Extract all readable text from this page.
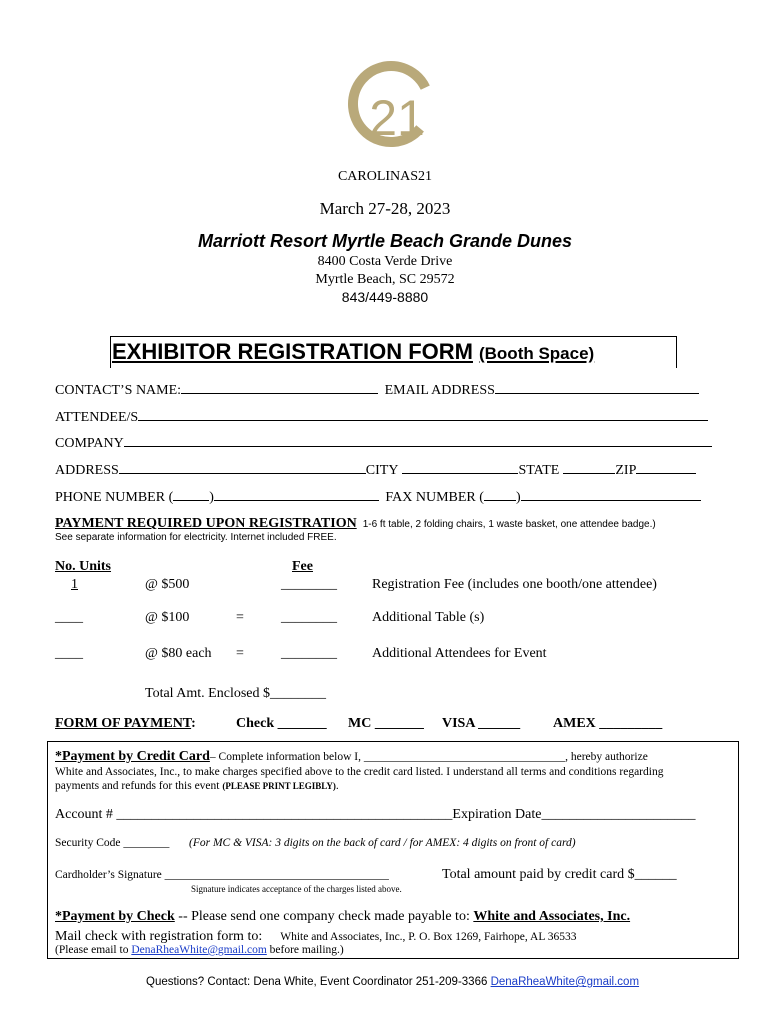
21
CAROLINAS21
March 27-28, 2023
Marriott Resort Myrtle Beach Grande Dunes
8400 Costa Verde Drive
Myrtle Beach, SC 29572
843/449-8880
EXHIBITOR REGISTRATION FORM (Booth Space)
CONTACT’S NAME:	EMAIL ADDRESS
ATTENDEE/S
COMPANY
ADDRESS	CITY	STATE	ZIP
PHONE NUMBER (	)	FAX NUMBER ( )
PAYMENT REQUIRED UPON REGISTRATION 1-6 ft table, 2 folding chairs, 1 waste basket, one attendee badge.)
See separate information for electricity. Internet included FREE.
No. Units	Fee
1	@ $500	________	Registration Fee (includes one booth/one attendee)
____	@ $100	=	________	Additional Table (s)
____	@ $80 each =	________	Additional Attendees for Event
Total Amt. Enclosed $________
FORM OF PAYMENT:	Check _______ MC _______ VISA ______ AMEX _________
*Payment by Credit Card– Complete information below I, ___________________________________, hereby authorize
White and Associates, Inc., to make charges specified above to the credit card listed. I understand all terms and conditions regarding
payments and refunds for this event (PLEASE PRINT LEGIBLY).
Account # ________________________________________________Expiration Date______________________
Security Code ________ (For MC & VISA: 3 digits on the back of card / for AMEX: 4 digits on front of card)
Cardholder’s Signature _______________________________________	Total amount paid by credit card $______
Signature indicates acceptance of the charges listed above.
*Payment by Check -- Please send one company check made payable to: White and Associates, Inc.
Mail check with registration form to: White and Associates, Inc., P. O. Box 1269, Fairhope, AL 36533
(Please email to DenaRheaWhite@gmail.com before mailing.)
Questions? Contact: Dena White, Event Coordinator 251-209-3366 DenaRheaWhite@gmail.com
